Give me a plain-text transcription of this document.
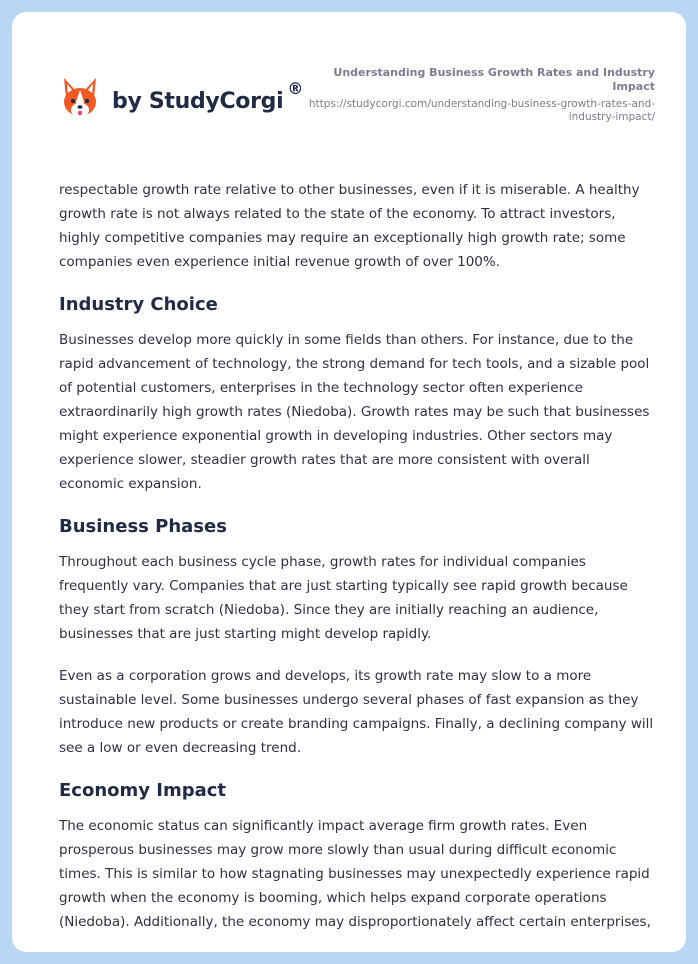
by StudyCorgi
®
Understanding Business Growth Rates and Industry Impact
https://studycorgi.com/understanding-business-growth-rates-and-industry-impact/

respectable growth rate relative to other businesses, even if it is miserable. A healthy growth rate is not always related to the state of the economy. To attract investors, highly competitive companies may require an exceptionally high growth rate; some companies even experience initial revenue growth of over 100%.

Industry Choice

Businesses develop more quickly in some fields than others. For instance, due to the rapid advancement of technology, the strong demand for tech tools, and a sizable pool of potential customers, enterprises in the technology sector often experience extraordinarily high growth rates (Niedoba). Growth rates may be such that businesses might experience exponential growth in developing industries. Other sectors may experience slower, steadier growth rates that are more consistent with overall economic expansion.

Business Phases

Throughout each business cycle phase, growth rates for individual companies frequently vary. Companies that are just starting typically see rapid growth because they start from scratch (Niedoba). Since they are initially reaching an audience, businesses that are just starting might develop rapidly.

Even as a corporation grows and develops, its growth rate may slow to a more sustainable level. Some businesses undergo several phases of fast expansion as they introduce new products or create branding campaigns. Finally, a declining company will see a low or even decreasing trend.

Economy Impact

The economic status can significantly impact average firm growth rates. Even prosperous businesses may grow more slowly than usual during difficult economic times. This is similar to how stagnating businesses may unexpectedly experience rapid growth when the economy is booming, which helps expand corporate operations (Niedoba). Additionally, the economy may disproportionately affect certain enterprises,
